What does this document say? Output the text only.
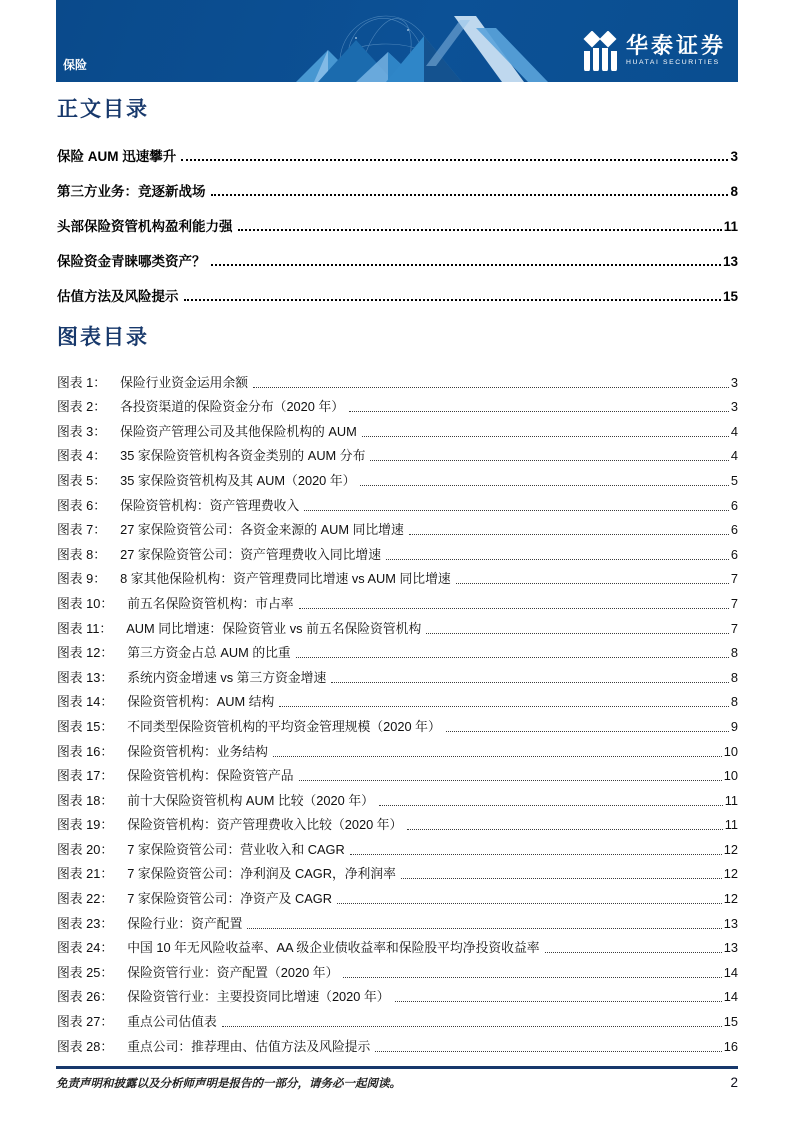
保险
华泰证券
HUATAI SECURITIES
正文目录
保险 AUM 迅速攀升	3
第三方业务：竞逐新战场	8
头部保险资管机构盈利能力强	11
保险资金青睐哪类资产？	13
估值方法及风险提示	15
图表目录
图表 1： 保险行业资金运用余额	3
图表 2： 各投资渠道的保险资金分布（2020 年）	3
图表 3： 保险资产管理公司及其他保险机构的 AUM	4
图表 4： 35 家保险资管机构各资金类别的 AUM 分布	4
图表 5： 35 家保险资管机构及其 AUM（2020 年）	5
图表 6： 保险资管机构：资产管理费收入	6
图表 7： 27 家保险资管公司：各资金来源的 AUM 同比增速	6
图表 8： 27 家保险资管公司：资产管理费收入同比增速	6
图表 9： 8 家其他保险机构：资产管理费同比增速 vs AUM 同比增速	7
图表 10： 前五名保险资管机构：市占率	7
图表 11： AUM 同比增速：保险资管业 vs 前五名保险资管机构	7
图表 12： 第三方资金占总 AUM 的比重	8
图表 13： 系统内资金增速 vs 第三方资金增速	8
图表 14： 保险资管机构：AUM 结构	8
图表 15： 不同类型保险资管机构的平均资金管理规模（2020 年）	9
图表 16： 保险资管机构：业务结构	10
图表 17： 保险资管机构：保险资管产品	10
图表 18： 前十大保险资管机构 AUM 比较（2020 年）	11
图表 19： 保险资管机构：资产管理费收入比较（2020 年）	11
图表 20： 7 家保险资管公司：营业收入和 CAGR	12
图表 21： 7 家保险资管公司：净利润及 CAGR，净利润率	12
图表 22： 7 家保险资管公司：净资产及 CAGR	12
图表 23： 保险行业：资产配置	13
图表 24： 中国 10 年无风险收益率、AA 级企业债收益率和保险股平均净投资收益率	13
图表 25： 保险资管行业：资产配置（2020 年）	14
图表 26： 保险资管行业：主要投资同比增速（2020 年）	14
图表 27： 重点公司估值表	15
图表 28： 重点公司：推荐理由、估值方法及风险提示	16
免责声明和披露以及分析师声明是报告的一部分，请务必一起阅读。	2
